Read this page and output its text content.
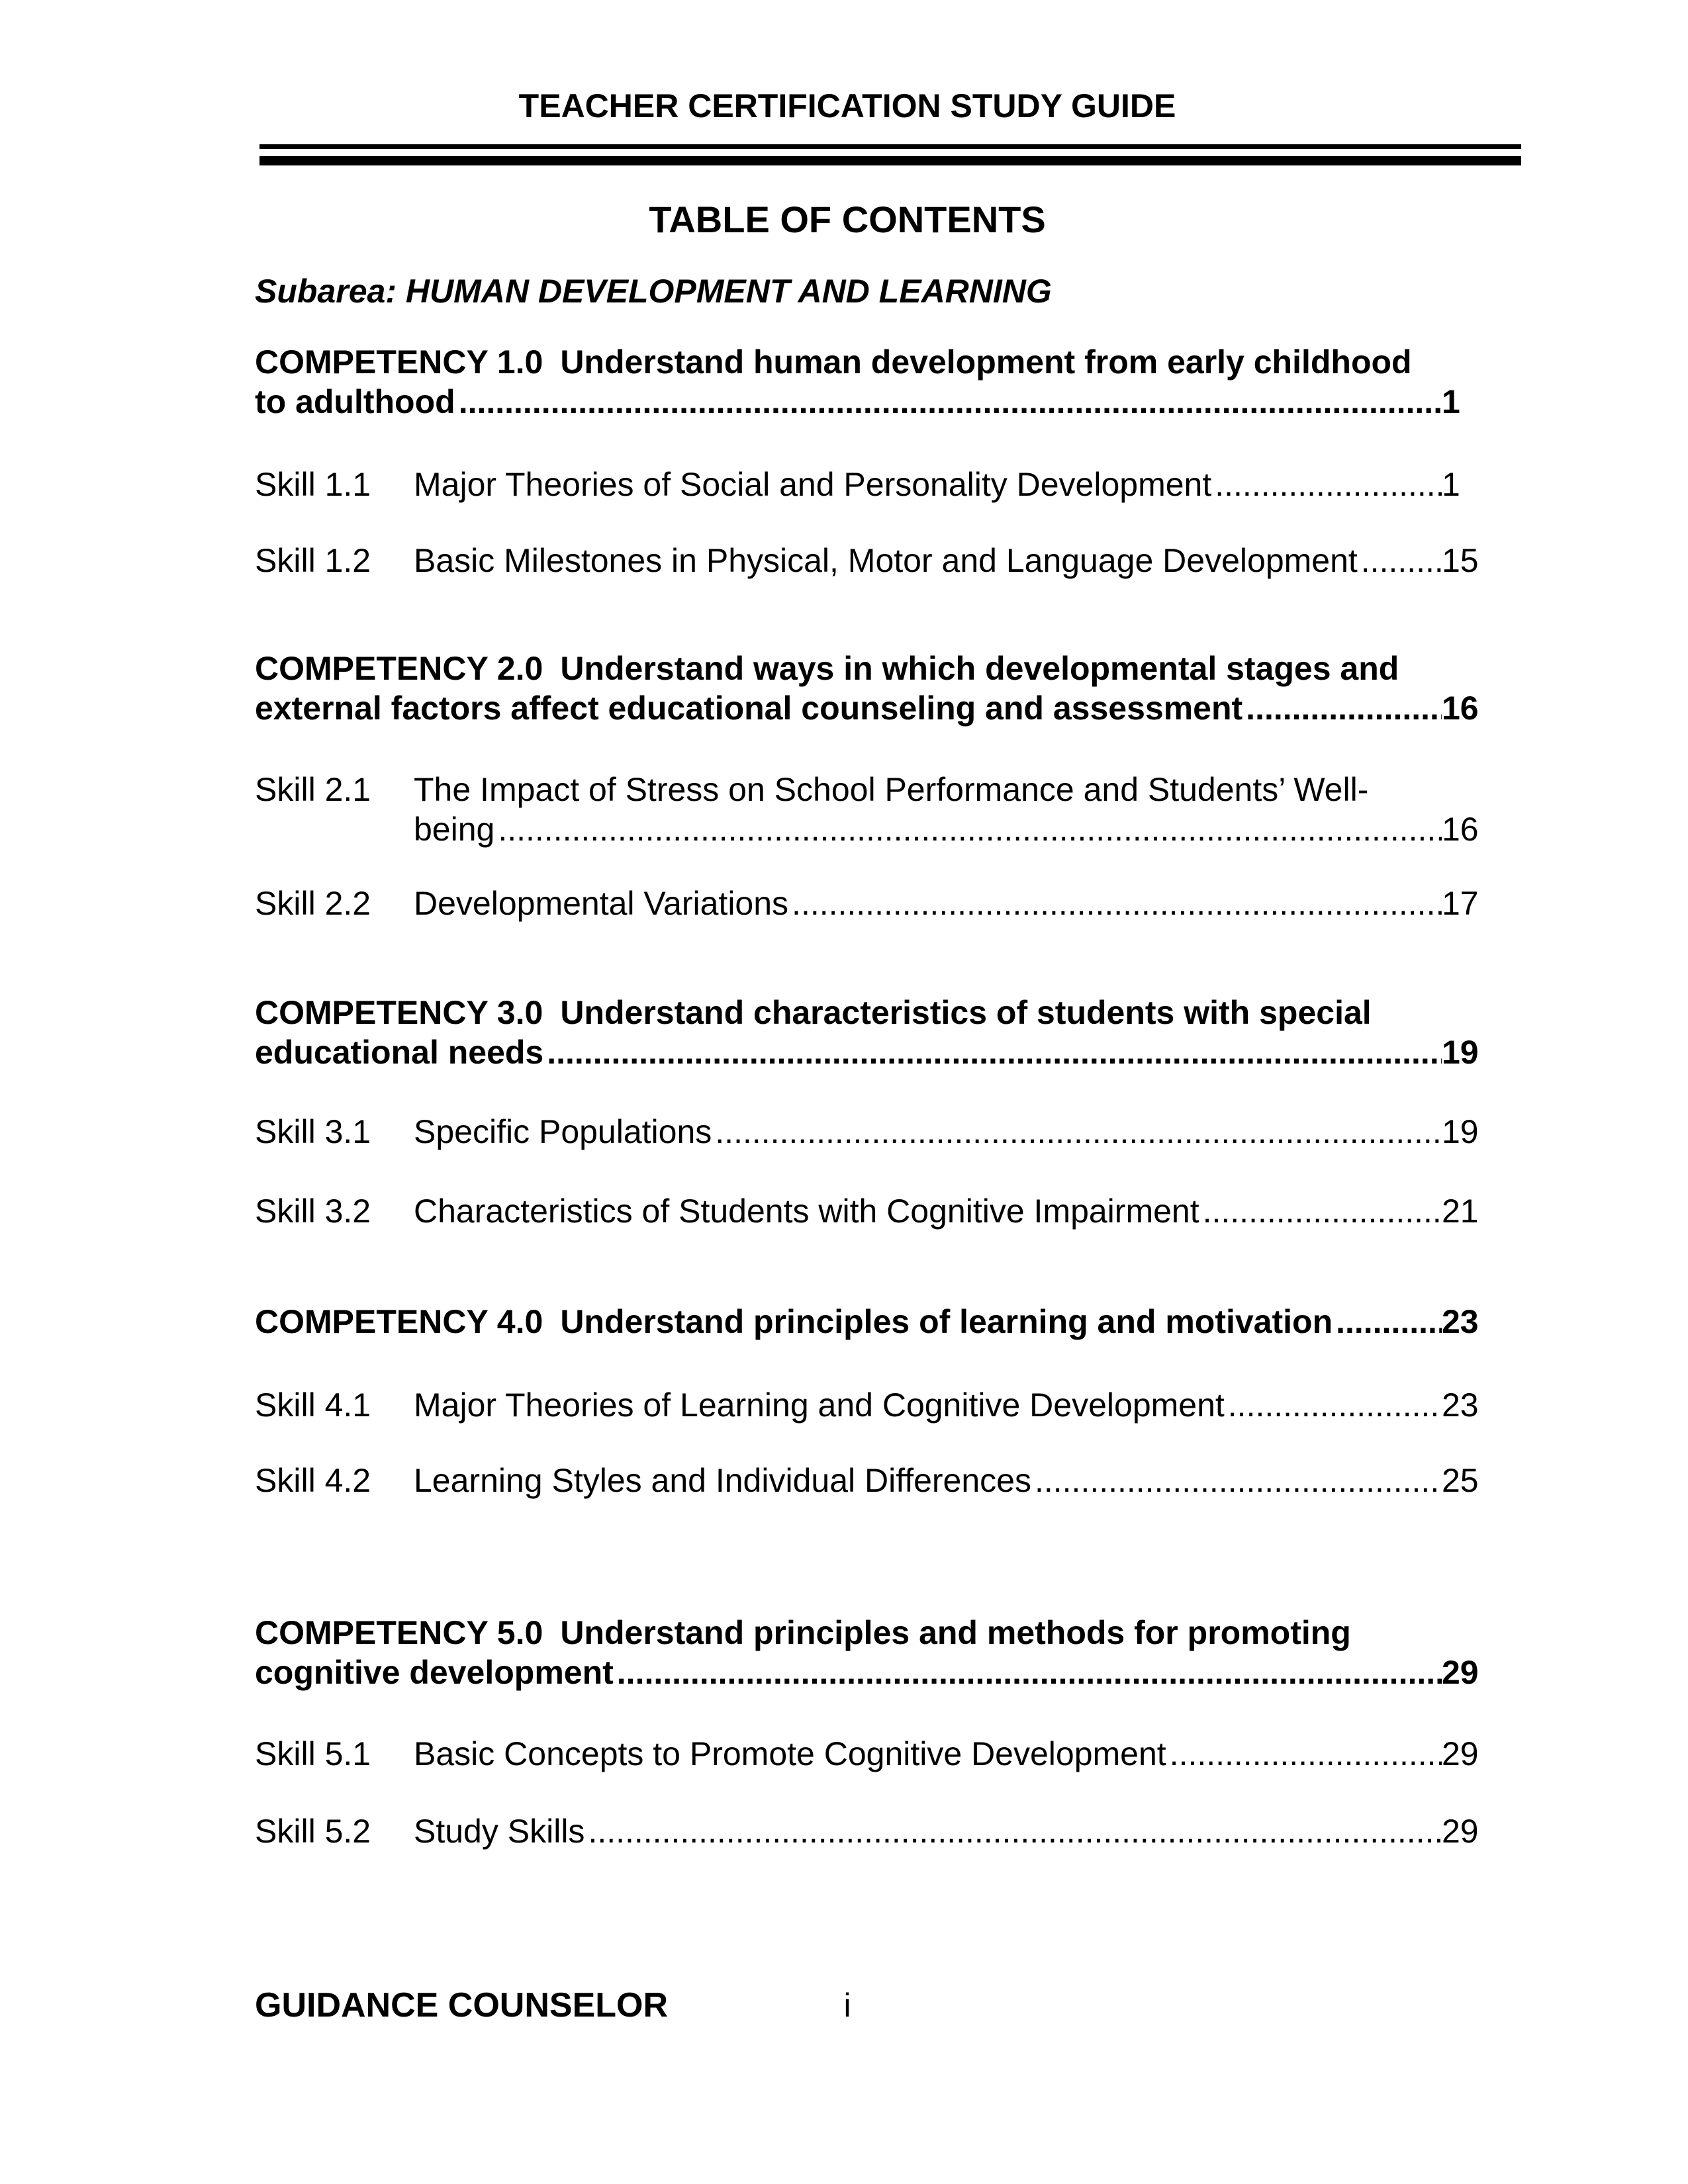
TEACHER CERTIFICATION STUDY GUIDE
TABLE OF CONTENTS
Subarea: HUMAN DEVELOPMENT AND LEARNING
COMPETENCY 1.0 Understand human development from early childhood
to adulthood .....	1
Skill 1.1	Major Theories of Social and Personality Development .....	1
Skill 1.2	Basic Milestones in Physical, Motor and Language Development .....	15
COMPETENCY 2.0 Understand ways in which developmental stages and
external factors affect educational counseling and assessment .....	16
Skill 2.1	The Impact of Stress on School Performance and Students’ Well-
being .....	16
Skill 2.2	Developmental Variations .....	17
COMPETENCY 3.0 Understand characteristics of students with special
educational needs .....	19
Skill 3.1	Specific Populations .....	19
Skill 3.2	Characteristics of Students with Cognitive Impairment .....	21
COMPETENCY 4.0 Understand principles of learning and motivation .....	23
Skill 4.1	Major Theories of Learning and Cognitive Development .....	23
Skill 4.2	Learning Styles and Individual Differences .....	25
COMPETENCY 5.0 Understand principles and methods for promoting
cognitive development .....	29
Skill 5.1	Basic Concepts to Promote Cognitive Development .....	29
Skill 5.2	Study Skills .....	29
GUIDANCE COUNSELOR	i
